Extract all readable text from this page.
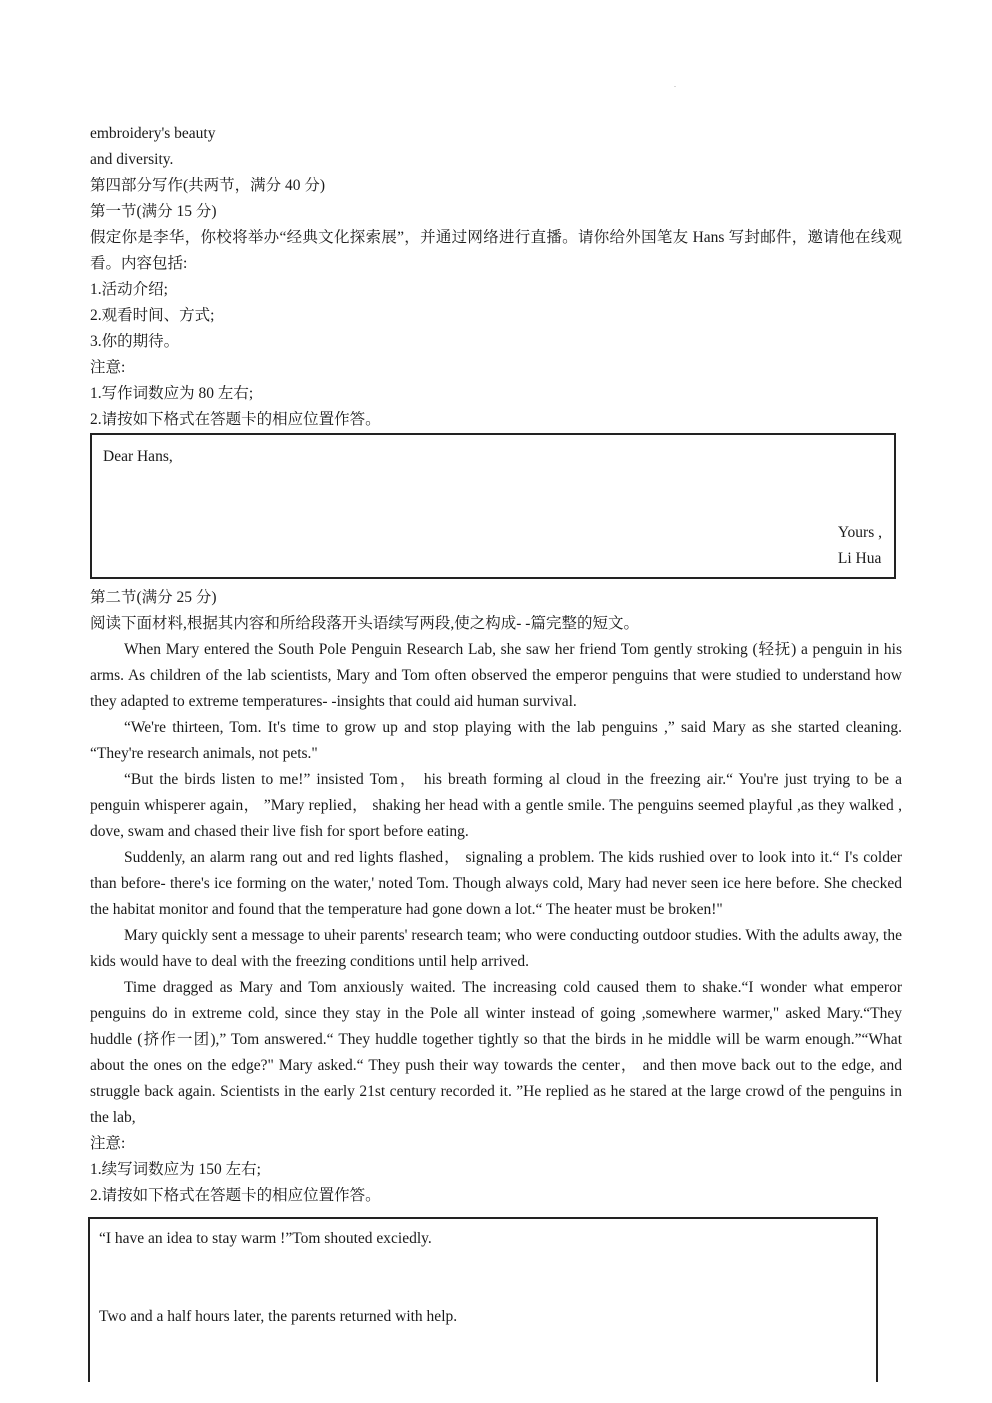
.

embroidery's beauty

and diversity.

第四部分写作(共两节，满分 40 分)

第一节(满分 15 分)

假定你是李华，你校将举办“经典文化探索展”，并通过网络进行直播。请你给外国笔友 Hans 写封邮件，邀请他在线观看。内容包括:

1.活动介绍;

2.观看时间、方式;

3.你的期待。

注意:

1.写作词数应为 80 左右;

2.请按如下格式在答题卡的相应位置作答。

Dear Hans,
Yours ,
Li Hua

第二节(满分 25 分)

阅读下面材料,根据其内容和所给段落开头语续写两段,使之构成- -篇完整的短文。

When Mary entered the South Pole Penguin Research Lab, she saw her friend Tom gently stroking (轻抚) a penguin in his arms. As children of the lab scientists, Mary and Tom often observed the emperor penguins that were studied to understand how they adapted to extreme temperatures- -insights that could aid human survival.

“We're thirteen, Tom. It's time to grow up and stop playing with the lab penguins ,” said Mary as she started cleaning. “They're research animals, not pets."

“But the birds listen to me!” insisted Tom， his breath forming al cloud in the freezing air.“ You're just trying to be a penguin whisperer again， ”Mary replied， shaking her head with a gentle smile. The penguins seemed playful ,as they walked , dove, swam and chased their live fish for sport before eating.

Suddenly, an alarm rang out and red lights flashed， signaling a problem. The kids rushied over to look into it.“ I's colder than before- there's ice forming on the water,' noted Tom. Though always cold, Mary had never seen ice here before. She checked the habitat monitor and found that the temperature had gone down a lot.“ The heater must be broken!"

Mary quickly sent a message to uheir parents' research team; who were conducting outdoor studies. With the adults away, the kids would have to deal with the freezing conditions until help arrived.

Time dragged as Mary and Tom anxiously waited. The increasing cold caused them to shake.“I wonder what emperor penguins do in extreme cold, since they stay in the Pole all winter instead of going ,somewhere warmer," asked Mary.“They huddle (挤作一团),” Tom answered.“ They huddle together tightly so that the birds in he middle will be warm enough.”“What about the ones on the edge?" Mary asked.“ They push their way towards the center， and then move back out to the edge, and struggle back again. Scientists in the early 21st century recorded it. ”He replied as he stared at the large crowd of the penguins in the lab,

注意:

1.续写词数应为 150 左右;

2.请按如下格式在答题卡的相应位置作答。

“I have an idea to stay warm !”Tom shouted exciedly.
Two and a half hours later, the parents returned with help.
